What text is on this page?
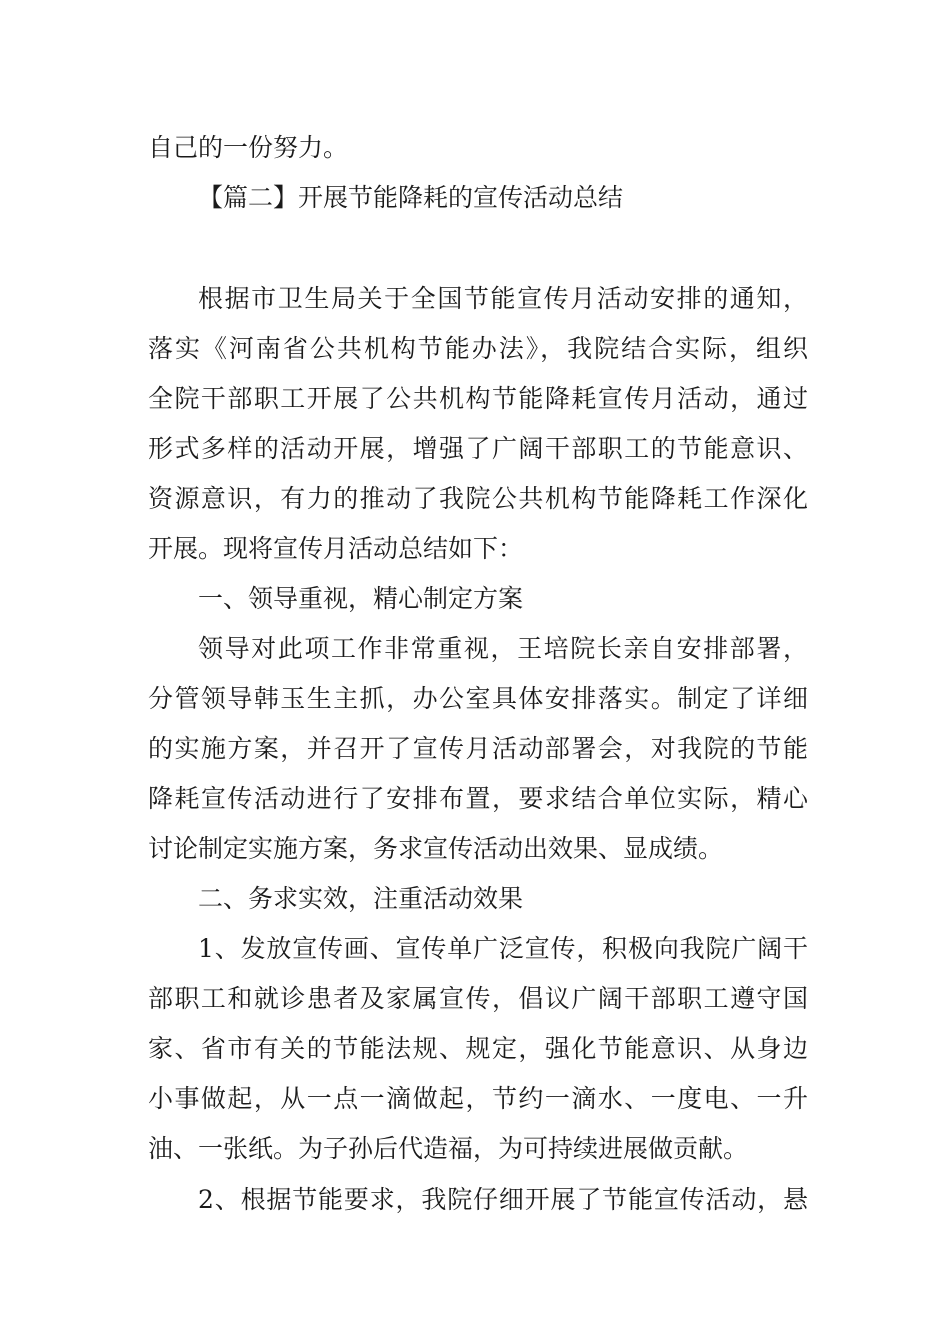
自己的一份努力。
【篇二】开展节能降耗的宣传活动总结
根据市卫生局关于全国节能宣传月活动安排的通知，
落实《河南省公共机构节能办法》，我院结合实际，组织
全院干部职工开展了公共机构节能降耗宣传月活动，通过
形式多样的活动开展，增强了广阔干部职工的节能意识、
资源意识，有力的推动了我院公共机构节能降耗工作深化
开展。现将宣传月活动总结如下：
一、领导重视，精心制定方案
领导对此项工作非常重视，王培院长亲自安排部署，
分管领导韩玉生主抓，办公室具体安排落实。制定了详细
的实施方案，并召开了宣传月活动部署会，对我院的节能
降耗宣传活动进行了安排布置，要求结合单位实际，精心
讨论制定实施方案，务求宣传活动出效果、显成绩。
二、务求实效，注重活动效果
1、发放宣传画、宣传单广泛宣传，积极向我院广阔干
部职工和就诊患者及家属宣传，倡议广阔干部职工遵守国
家、省市有关的节能法规、规定，强化节能意识、从身边
小事做起，从一点一滴做起，节约一滴水、一度电、一升
油、一张纸。为子孙后代造福，为可持续进展做贡献。
2、根据节能要求，我院仔细开展了节能宣传活动，悬
